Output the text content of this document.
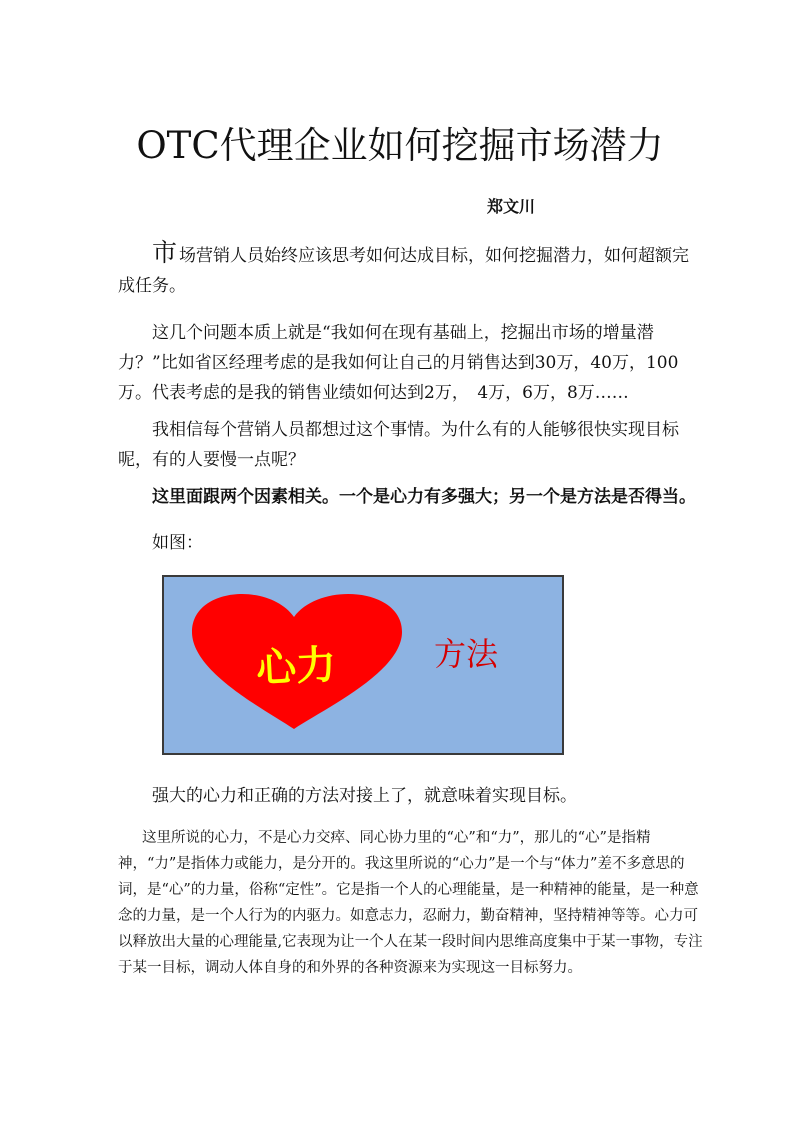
OTC代理企业如何挖掘市场潜力
郑文川
市 场营销人员始终应该思考如何达成目标，如何挖掘潜力，如何超额完成任务。
这几个问题本质上就是“我如何在现有基础上，挖掘出市场的增量潜力？”比如省区经理考虑的是我如何让自己的月销售达到30万，40万，100万。代表考虑的是我的销售业绩如何达到2万，　4万，6万，8万……
我相信每个营销人员都想过这个事情。为什么有的人能够很快实现目标呢，有的人要慢一点呢？
这里面跟两个因素相关。一个是心力有多强大；另一个是方法是否得当。
如图：
心力	方法
强大的心力和正确的方法对接上了，就意味着实现目标。
这里所说的心力，不是心力交瘁、同心协力里的“心”和“力”，那儿的“心”是指精神，“力”是指体力或能力，是分开的。我这里所说的“心力”是一个与“体力”差不多意思的词，是“心”的力量，俗称“定性”。它是指一个人的心理能量，是一种精神的能量，是一种意念的力量，是一个人行为的内驱力。如意志力，忍耐力，勤奋精神，坚持精神等等。心力可以释放出大量的心理能量,它表现为让一个人在某一段时间内思维高度集中于某一事物，专注于某一目标，调动人体自身的和外界的各种资源来为实现这一目标努力。
